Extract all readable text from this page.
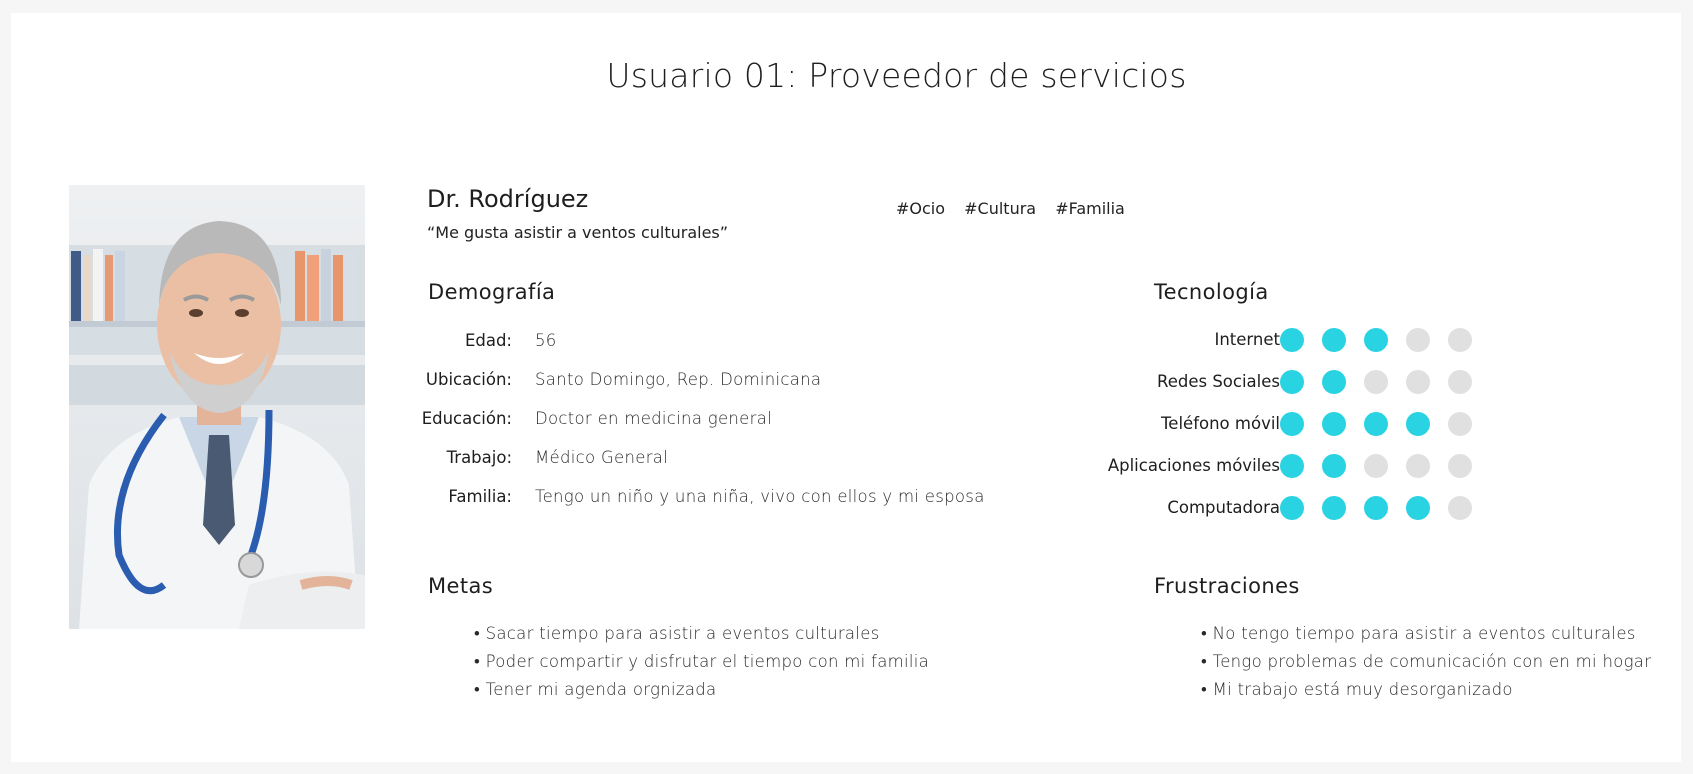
Usuario 01: Proveedor de servicios
Dr. Rodríguez
“Me gusta asistir a ventos culturales”
#Ocio #Cultura #Familia
Demografía
Edad: 56
Ubicación: Santo Domingo, Rep. Dominicana
Educación: Doctor en medicina general
Trabajo: Médico General
Familia: Tengo un niño y una niña, vivo con ellos y mi esposa
Tecnología
Internet
Redes Sociales
Teléfono móvil
Aplicaciones móviles
Computadora
Metas
• Sacar tiempo para asistir a eventos culturales
• Poder compartir y disfrutar el tiempo con mi familia
• Tener mi agenda orgnizada
Frustraciones
• No tengo tiempo para asistir a eventos culturales
• Tengo problemas de comunicación con en mi hogar
• Mi trabajo está muy desorganizado
